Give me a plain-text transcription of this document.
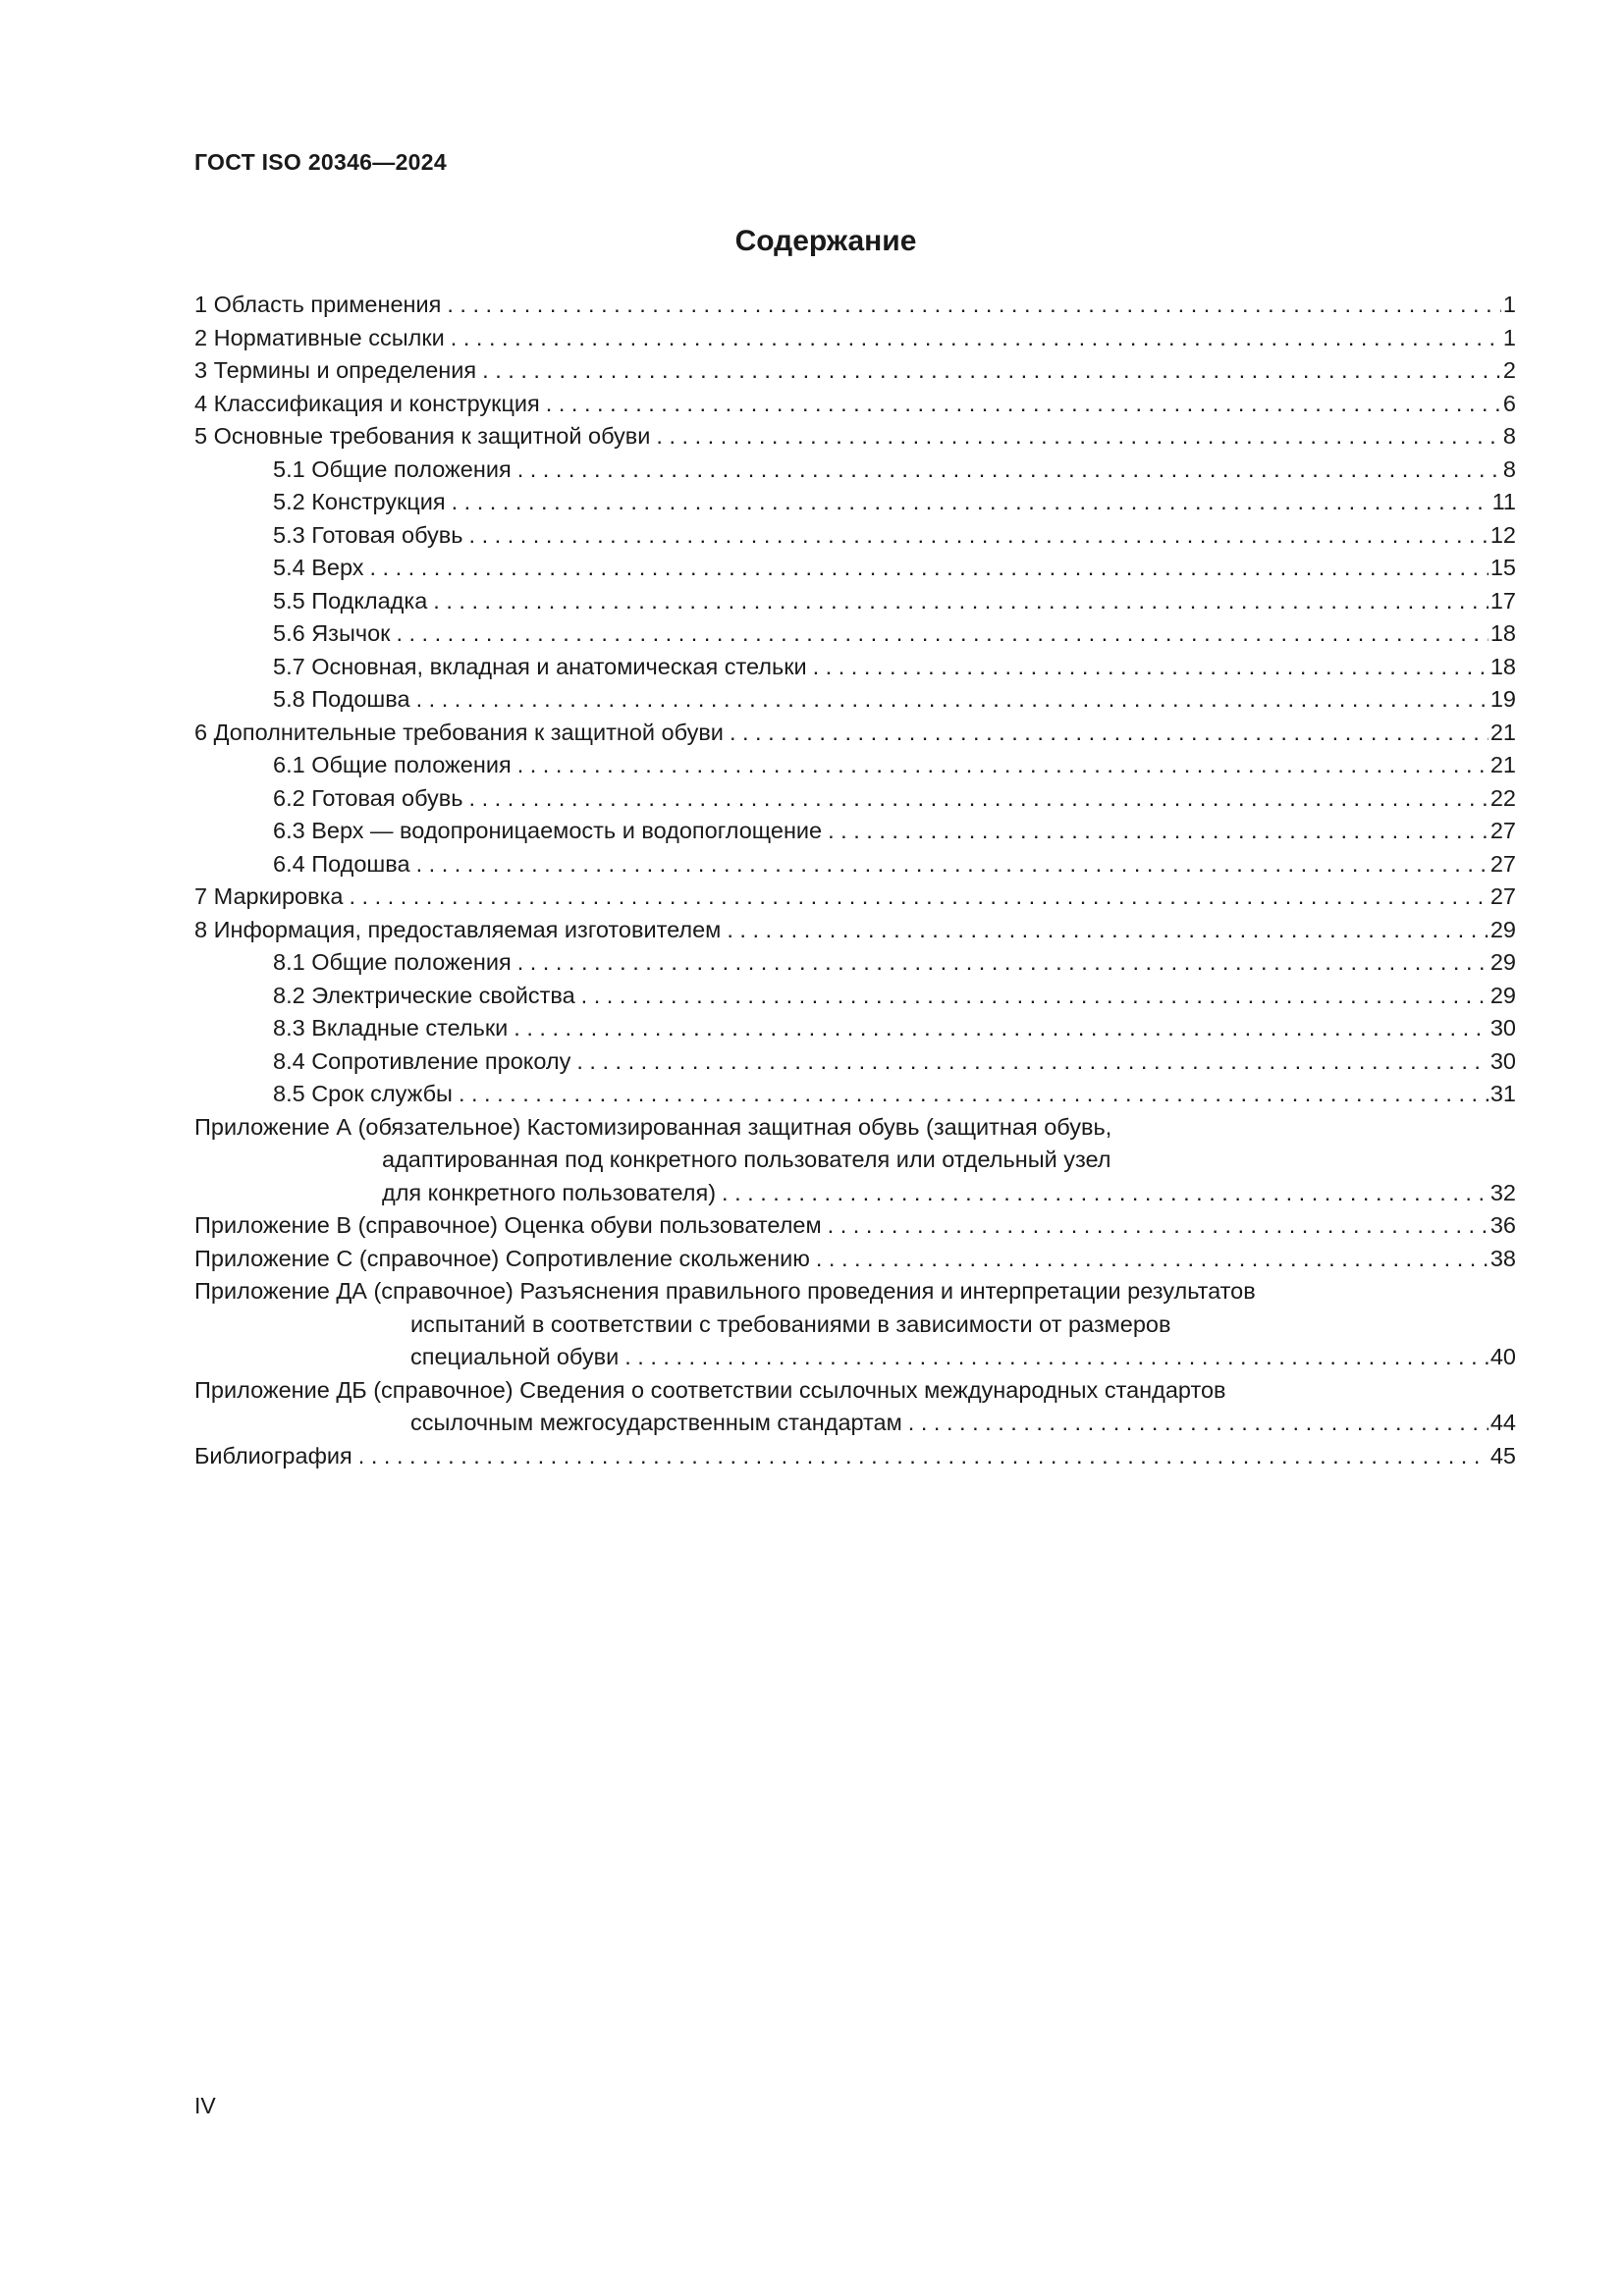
ГОСТ ISO 20346—2024
Содержание
1 Область применения . . .	1
2 Нормативные ссылки . . .	1
3 Термины и определения . . .	2
4 Классификация и конструкция . . .	6
5 Основные требования к защитной обуви . . .	8
5.1 Общие положения . . .	8
5.2 Конструкция . . .	11
5.3 Готовая обувь . . .	12
5.4 Верх . . .	15
5.5 Подкладка . . .	17
5.6 Язычок . . .	18
5.7 Основная, вкладная и анатомическая стельки . . .	18
5.8 Подошва . . .	19
6 Дополнительные требования к защитной обуви . . .	21
6.1 Общие положения . . .	21
6.2 Готовая обувь . . .	22
6.3 Верх — водопроницаемость и водопоглощение . . .	27
6.4 Подошва . . .	27
7 Маркировка . . .	27
8 Информация, предоставляемая изготовителем . . .	29
8.1 Общие положения . . .	29
8.2 Электрические свойства . . .	29
8.3 Вкладные стельки . . .	30
8.4 Сопротивление проколу . . .	30
8.5 Срок службы . . .	31
Приложение А (обязательное) Кастомизированная защитная обувь (защитная обувь,
адаптированная под конкретного пользователя или отдельный узел
для конкретного пользователя) . . .	32
Приложение В (справочное) Оценка обуви пользователем . . .	36
Приложение С (справочное) Сопротивление скольжению . . .	38
Приложение ДА (справочное) Разъяснения правильного проведения и интерпретации результатов
испытаний в соответствии с требованиями в зависимости от размеров
специальной обуви . . .	40
Приложение ДБ (справочное) Сведения о соответствии ссылочных международных стандартов
ссылочным межгосударственным стандартам . . .	44
Библиография . . .	45
IV
